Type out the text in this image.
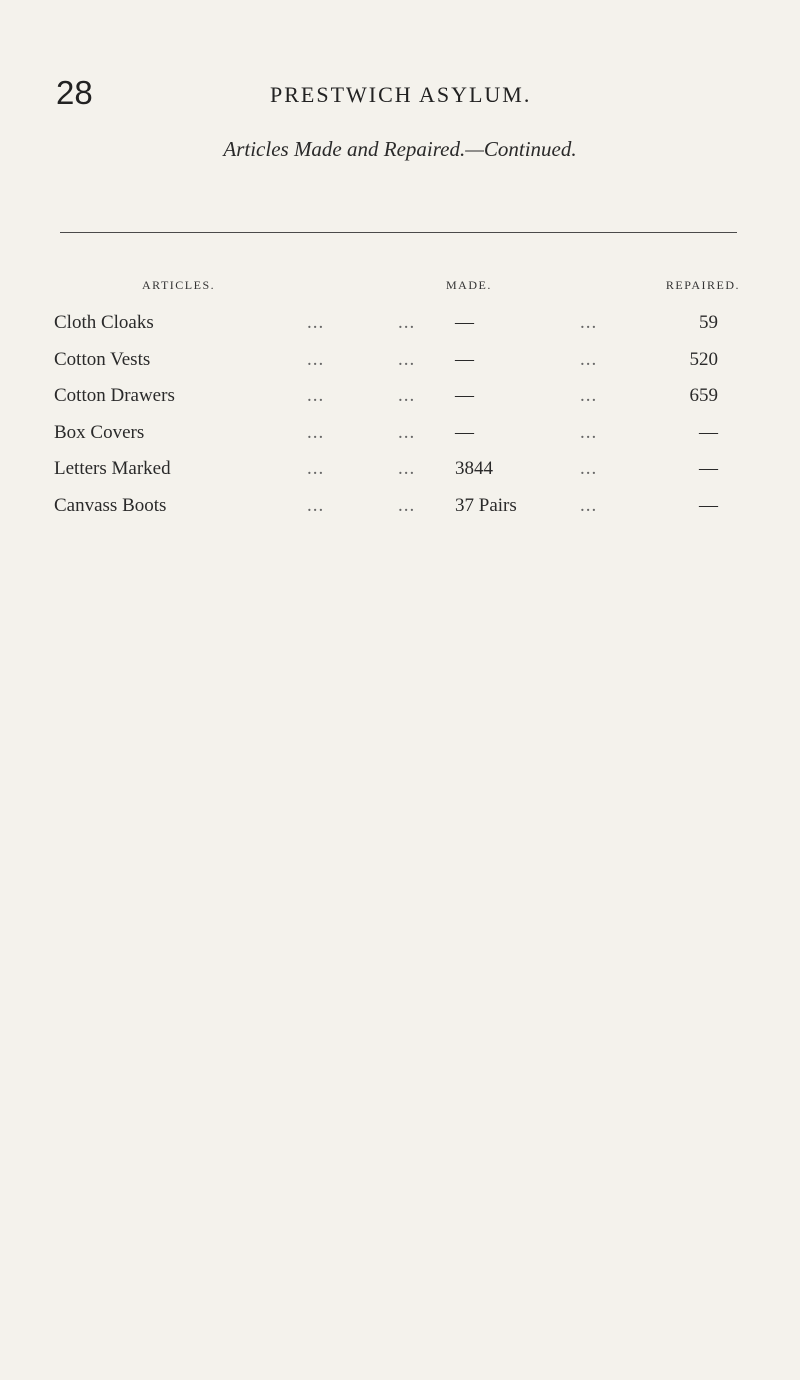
28	PRESTWICH ASYLUM.
Articles Made and Repaired.—Continued.
ARTICLES.	MADE.	REPAIRED.
Cloth Cloaks	...	... —	...	59
Cotton Vests	...	... —	...	520
Cotton Drawers	...	... —	...	659
Box Covers	...	... —	...	—
Letters Marked	...	... 3844	...	—
Canvass Boots	...	... 37 Pairs	...	—
